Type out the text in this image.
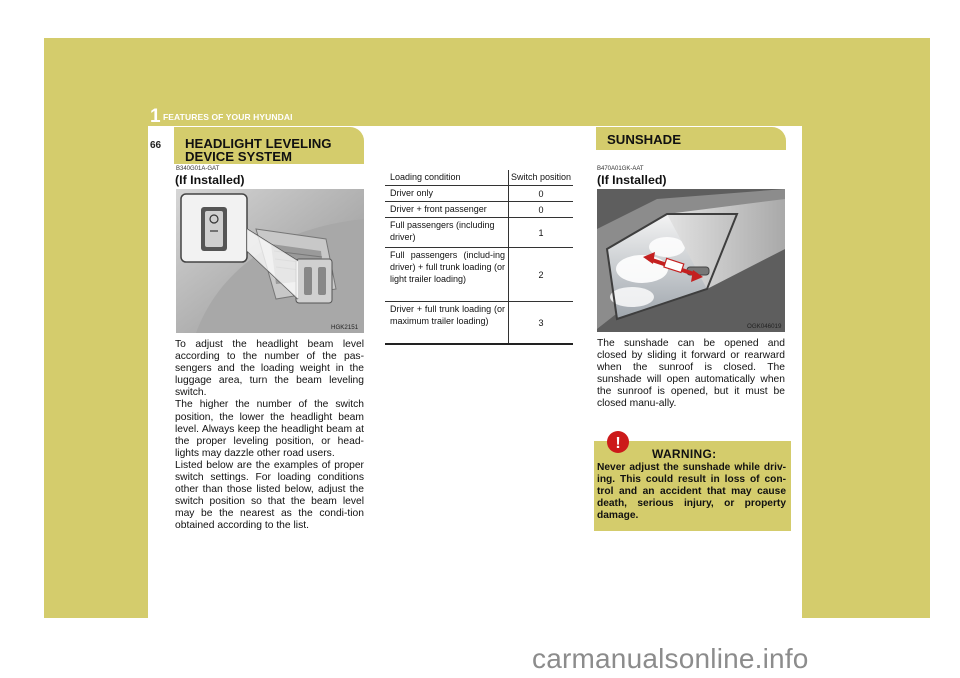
1 FEATURES OF YOUR HYUNDAI
66	HEADLIGHT LEVELING DEVICE SYSTEM
B340G01A-GAT
(If Installed)
HGK2151

To adjust the headlight beam level according to the number of the pas-sengers and the loading weight in the luggage area, turn the beam leveling switch.

The higher the number of the switch position, the lower the headlight beam level. Always keep the headlight beam at the proper leveling position, or head-lights may dazzle other road users.

Listed below are the examples of proper switch settings. For loading conditions other than those listed below, adjust the switch position so that the beam level may be the nearest as the condi-tion obtained according to the list.

Loading condition	Switch position
Driver only	0
Driver + front passenger	0
Full passengers (including driver)	1
Full passengers (includ-ing driver) + full trunk loading (or light trailer loading)	2
Driver + full trunk loading (or maximum trailer loading)	3
SUNSHADE
B470A01GK-AAT
(If Installed)
OGK046019
The sunshade can be opened and closed by sliding it forward or rearward when the sunroof is closed. The sunshade will open automatically when the sunroof is opened, but it must be closed manu-ally.
!
WARNING:
Never adjust the sunshade while driv-ing. This could result in loss of con-trol and an accident that may cause death, serious injury, or property damage.
carmanualsonline.info
